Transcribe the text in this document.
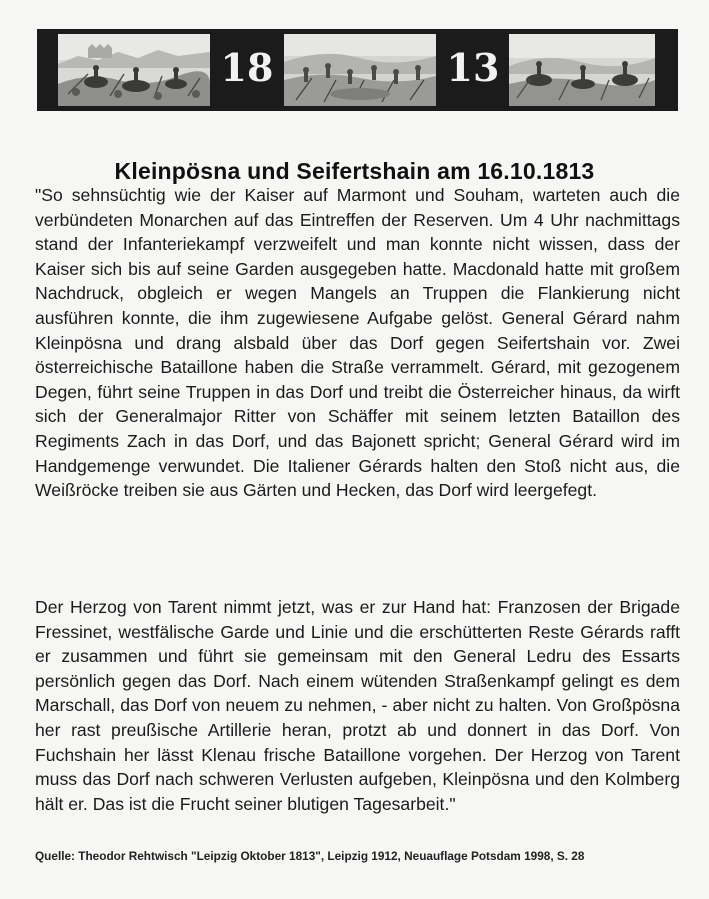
18	13
Kleinpösna und Seifertshain am 16.10.1813

"So sehnsüchtig wie der Kaiser auf Marmont und Souham, warteten auch die verbündeten Monarchen auf das Eintreffen der Reserven. Um 4 Uhr nachmittags stand der Infanteriekampf verzweifelt und man konnte nicht wissen, dass der Kaiser sich bis auf seine Garden ausgegeben hatte. Macdonald hatte mit großem Nachdruck, obgleich er wegen Mangels an Truppen die Flankierung nicht ausführen konnte, die ihm zugewiesene Aufgabe gelöst. General Gérard nahm Kleinpösna und drang alsbald über das Dorf gegen Seifertshain vor. Zwei österreichische Bataillone haben die Straße verrammelt. Gérard, mit gezogenem Degen, führt seine Truppen in das Dorf und treibt die Österreicher hinaus, da wirft sich der Generalmajor Ritter von Schäffer mit seinem letzten Bataillon des Regiments Zach in das Dorf, und das Bajonett spricht; General Gérard wird im Handgemenge verwundet. Die Italiener Gérards halten den Stoß nicht aus, die Weißröcke treiben sie aus Gärten und Hecken, das Dorf wird leergefegt.

Der Herzog von Tarent nimmt jetzt, was er zur Hand hat: Franzosen der Brigade Fressinet, westfälische Garde und Linie und die erschütterten Reste Gérards rafft er zusammen und führt sie gemeinsam mit den General Ledru des Essarts persönlich gegen das Dorf. Nach einem wütenden Straßenkampf gelingt es dem Marschall, das Dorf von neuem zu nehmen, - aber nicht zu halten. Von Großpösna her rast preußische Artillerie heran, protzt ab und donnert in das Dorf. Von Fuchshain her lässt Klenau frische Bataillone vorgehen. Der Herzog von Tarent muss das Dorf nach schweren Verlusten aufgeben, Kleinpösna und den Kolmberg hält er. Das ist die Frucht seiner blutigen Tagesarbeit."

Quelle: Theodor Rehtwisch "Leipzig Oktober 1813", Leipzig 1912, Neuauflage Potsdam 1998, S. 28
